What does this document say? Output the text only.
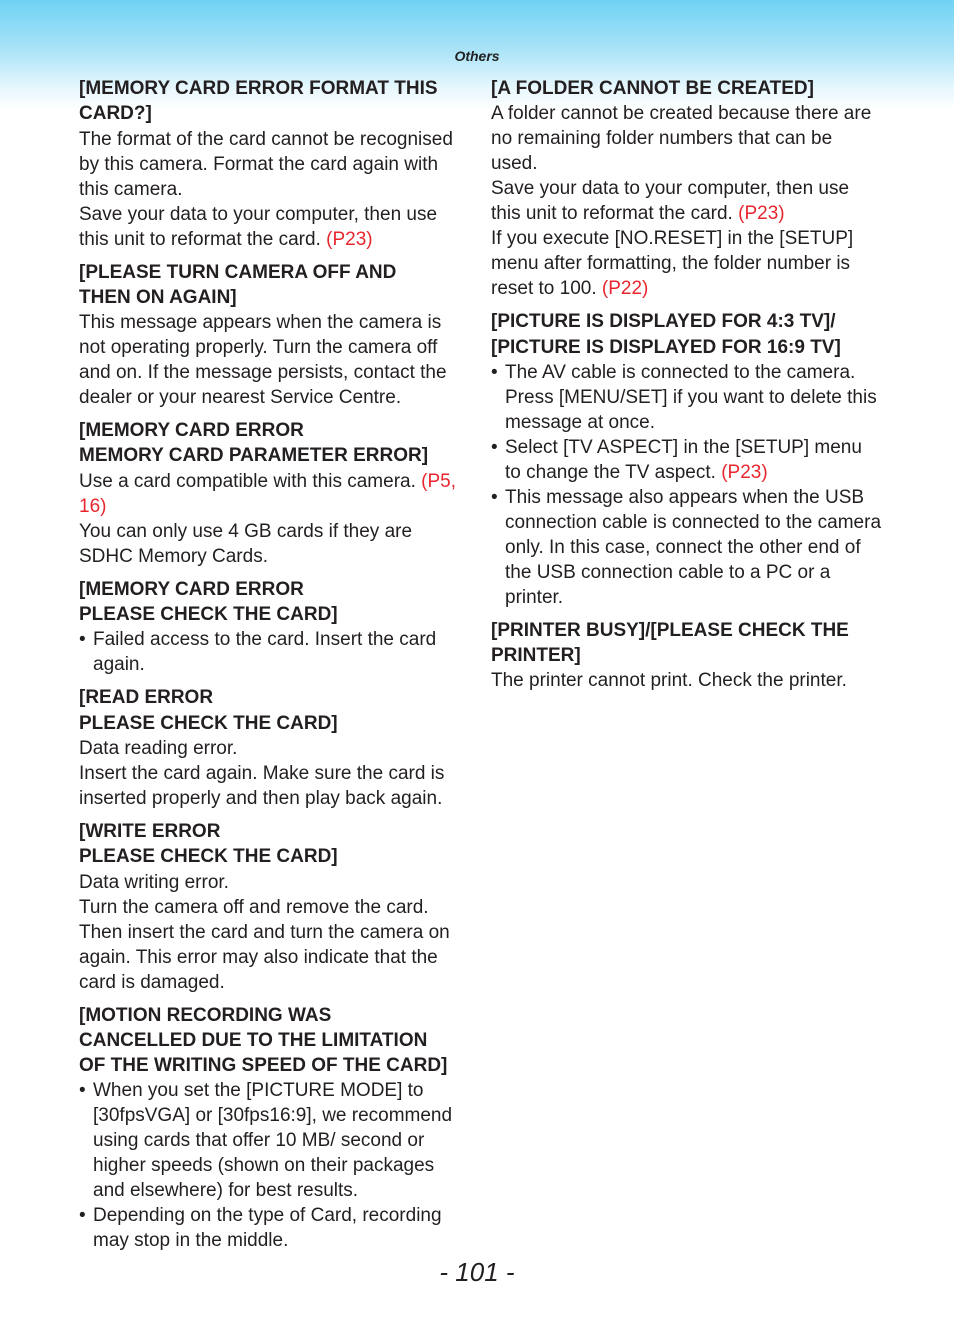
Others
[MEMORY CARD ERROR FORMAT THIS
CARD?]

The format of the card cannot be recognised by this camera. Format the card again with this camera.

Save your data to your computer, then use this unit to reformat the card. (P23)

[PLEASE TURN CAMERA OFF AND
THEN ON AGAIN]

This message appears when the camera is not operating properly. Turn the camera off and on. If the message persists, contact the dealer or your nearest Service Centre.

[MEMORY CARD ERROR
MEMORY CARD PARAMETER ERROR]

Use a card compatible with this camera. (P5, 16)

You can only use 4 GB cards if they are SDHC Memory Cards.

[MEMORY CARD ERROR
PLEASE CHECK THE CARD]
• Failed access to the card. Insert the card again.
[READ ERROR
PLEASE CHECK THE CARD]

Data reading error.

Insert the card again. Make sure the card is inserted properly and then play back again.

[WRITE ERROR
PLEASE CHECK THE CARD]

Data writing error.

Turn the camera off and remove the card. Then insert the card and turn the camera on again. This error may also indicate that the card is damaged.

[MOTION RECORDING WAS
CANCELLED DUE TO THE LIMITATION
OF THE WRITING SPEED OF THE CARD]
• When you set the [PICTURE MODE] to [30fpsVGA] or [30fps16:9], we recommend using cards that offer 10 MB/ second or higher speeds (shown on their packages and elsewhere) for best results.
• Depending on the type of Card, recording may stop in the middle.
[A FOLDER CANNOT BE CREATED]

A folder cannot be created because there are no remaining folder numbers that can be used.

Save your data to your computer, then use this unit to reformat the card. (P23)

If you execute [NO.RESET] in the [SETUP] menu after formatting, the folder number is reset to 100. (P22)

[PICTURE IS DISPLAYED FOR 4:3 TV]/
[PICTURE IS DISPLAYED FOR 16:9 TV]
• The AV cable is connected to the camera. Press [MENU/SET] if you want to delete this message at once.
• Select [TV ASPECT] in the [SETUP] menu to change the TV aspect. (P23)
• This message also appears when the USB connection cable is connected to the camera only. In this case, connect the other end of the USB connection cable to a PC or a printer.
[PRINTER BUSY]/[PLEASE CHECK THE
PRINTER]

The printer cannot print. Check the printer.

- 101 -
